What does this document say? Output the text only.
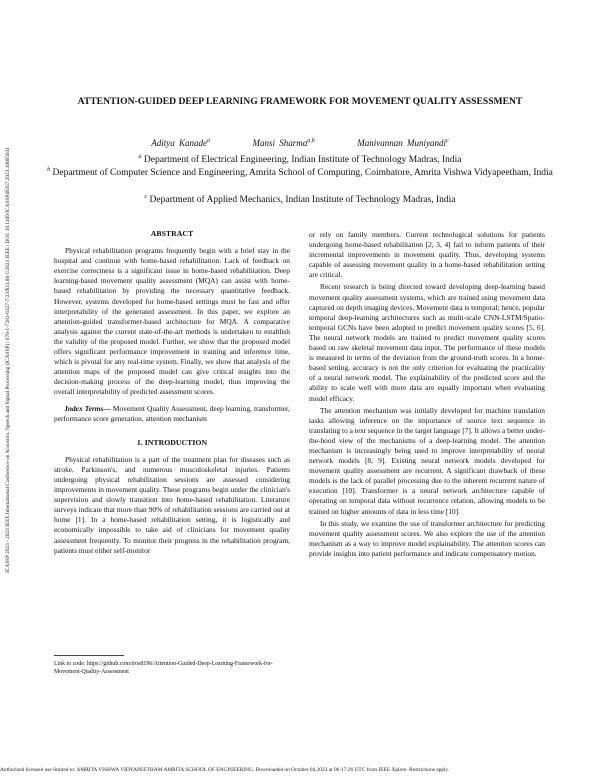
ICASSP 2023 - 2023 IEEE International Conference on Acoustics, Speech and Signal Processing (ICASSP) | 978-1-7281-6327-7/23/$31.00 ©2023 IEEE | DOI: 10.1109/ICASSP49357.2023.10095031
ATTENTION-GUIDED DEEP LEARNING FRAMEWORK FOR MOVEMENT QUALITY ASSESSMENT
Aditya Kanade$^a$	Mansi Sharma$^{a,b}$	Manivannan Muniyandi$^c$
$^a$ Department of Electrical Engineering, Indian Institute of Technology Madras, India
$^b$ Department of Computer Science and Engineering, Amrita School of Computing, Coimbatore, Amrita Vishwa Vidyapeetham, India
$^c$ Department of Applied Mechanics, Indian Institute of Technology Madras, India
ABSTRACT

Physical rehabilitation programs frequently begin with a brief stay in the hospital and continue with home-based rehabilitation. Lack of feedback on exercise correctness is a significant issue in home-based rehabilitation. Deep learning-based movement quality assessment (MQA) can assist with home-based rehabilitation by providing the necessary quantitative feedback. However, systems developed for home-based settings must be fast and offer interpretability of the generated assessment. In this paper, we explore an attention-guided transformer-based architecture for MQA. A comparative analysis against the current state-of-the-art methods is undertaken to establish the validity of the proposed model. Further, we show that the proposed model offers significant performance improvement in training and inference time, which is pivotal for any real-time system. Finally, we show that analysis of the attention maps of the proposed model can give critical insights into the decision-making process of the deep-learning model, thus improving the overall interpretability of predicted assessment scores.

Index Terms— Movement Quality Assessment, deep learning, transformer, performance score generation, attention mechanism

1. INTRODUCTION

Physical rehabilitation is a part of the treatment plan for diseases such as stroke, Parkinson's, and numerous musculoskeletal injuries. Patients undergoing physical rehabilitation sessions are assessed considering improvements in movement quality. These programs begin under the clinician's supervision and slowly transition into home-based rehabilitation. Literature surveys indicate that more than 90% of rehabilitation sessions are carried out at home [1]. In a home-based rehabilitation setting, it is logistically and economically impossible to take aid of clinicians for movement quality assessment frequently. To monitor their progress in the rehabilitation program, patients must either self-monitor

Link to code: https://github.com/tros8196/Attention-Guided-Deep-Learning-Framework-for-Movement-Quality-Assessment

or rely on family members. Current technological solutions for patients undergoing home-based rehabilitation [2, 3, 4] fail to inform patients of their incremental improvements in movement quality. Thus, developing systems capable of assessing movement quality in a home-based rehabilitation setting are critical.

Recent research is being directed toward developing deep-learning based movement quality assessment systems, which are trained using movement data captured on depth imaging devices. Movement data is temporal; hence, popular temporal deep-learning architectures such as multi-scale CNN-LSTM/Spatio-temporal GCNs have been adopted to predict movement quality scores [5, 6]. The neural network models are trained to predict movement quality scores based on raw skeletal movement data input. The performance of these models is measured in terms of the deviation from the ground-truth scores. In a home-based setting, accuracy is not the only criterion for evaluating the practicality of a neural network model. The explainability of the predicted score and the ability to scale well with more data are equally important when evaluating model efficacy.

The attention mechanism was initially developed for machine translation tasks allowing inference on the importance of source text sequence in translating to a text sequence in the target language [7]. It allows a better under-the-hood view of the mechanisms of a deep-learning model. The attention mechanism is increasingly being used to improve interpretability of neural network models [8, 9]. Existing neural network models developed for movement quality assessment are recurrent. A significant drawback of these models is the lack of parallel processing due to the inherent recurrent nature of execution [10]. Transformer is a neural network architecture capable of operating on temporal data without recurrence relation, allowing models to be trained on higher amounts of data in less time [10].

In this study, we examine the use of transformer architecture for predicting movement quality assessment scores. We also explore the use of the attention mechanism as a way to improve model explainability. The attention scores can provide insights into patient performance and indicate compensatory motion.

Authorized licensed use limited to: AMRITA VISHWA VIDYAPEETHAM AMRITA SCHOOL OF ENGINEERING. Downloaded on October 04,2023 at 06:17:26 UTC from IEEE Xplore. Restrictions apply.
